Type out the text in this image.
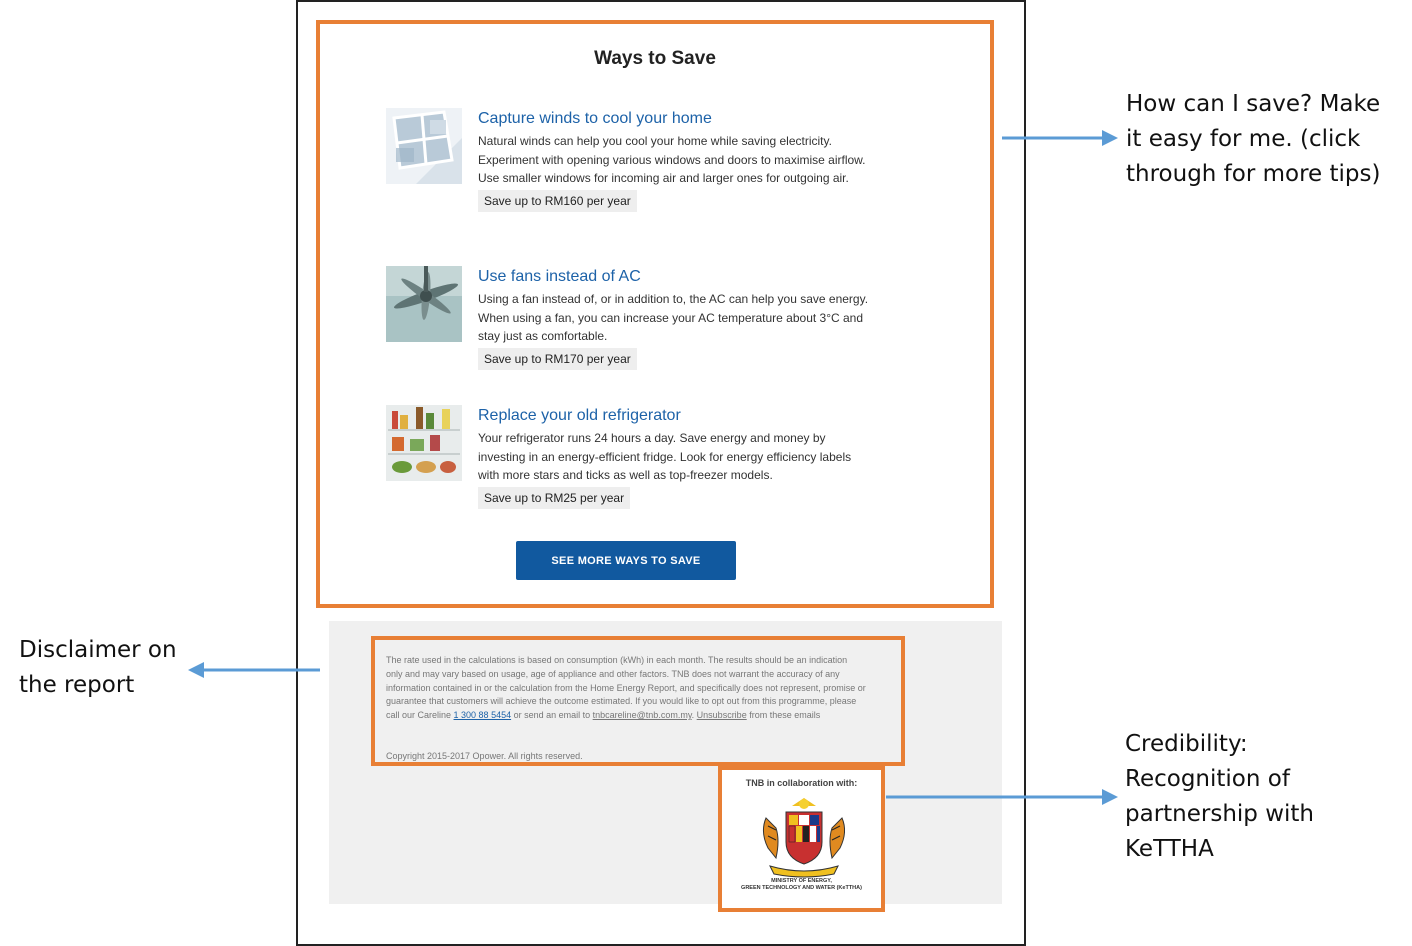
Ways to Save
Capture winds to cool your home
Natural winds can help you cool your home while saving electricity. Experiment with opening various windows and doors to maximise airflow. Use smaller windows for incoming air and larger ones for outgoing air.
Save up to RM160 per year
Use fans instead of AC
Using a fan instead of, or in addition to, the AC can help you save energy. When using a fan, you can increase your AC temperature about 3°C and stay just as comfortable.
Save up to RM170 per year
Replace your old refrigerator
Your refrigerator runs 24 hours a day. Save energy and money by investing in an energy-efficient fridge. Look for energy efficiency labels with more stars and ticks as well as top-freezer models.
Save up to RM25 per year
SEE MORE WAYS TO SAVE
The rate used in the calculations is based on consumption (kWh) in each month. The results should be an indication only and may vary based on usage, age of appliance and other factors. TNB does not warrant the accuracy of any information contained in or the calculation from the Home Energy Report, and specifically does not represent, promise or guarantee that customers will achieve the outcome estimated. If you would like to opt out from this programme, please call our Careline 1 300 88 5454 or send an email to tnbcareline@tnb.com.my. Unsubscribe from these emails
Copyright 2015-2017 Opower. All rights reserved.
TNB in collaboration with:
MINISTRY OF ENERGY,
GREEN TECHNOLOGY AND WATER (KeTTHA)
How can I save? Make
it easy for me. (click
through for more tips)
Disclaimer on
the report
Credibility:
Recognition of
partnership with
KeTTHA
